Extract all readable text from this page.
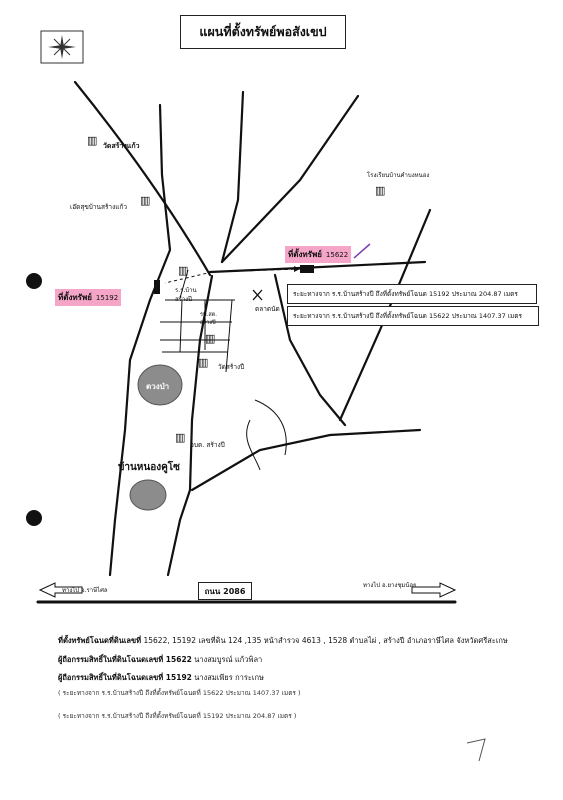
▥
▥
▥
▥
▥
▥
▥
แผนที่ตั้งทรัพย์พอสังเขป
วัดสร้างแก้ว
โรงเรียนบ้านคำบงหนอง
เอ๊ดสุขบ้านสร้างแก้ว
ร.ร.บ้าน สร้างปี
ตลาดนัด
รพ.สต. สร้างปี
วัดสร้างปี
ตวงป่า
อบต. สร้างปี
บ้านหนองคูโซ
ที่ตั้งทรัพย์ 15622
ที่ตั้งทรัพย์ 15192	ระยะทางจาก ร.ร.บ้านสร้างปี ถึงที่ตั้งทรัพย์โฉนด 15192 ประมาณ 204.87 เมตร
ระยะทางจาก ร.ร.บ้านสร้างปี ถึงที่ตั้งทรัพย์โฉนด 15622 ประมาณ 1407.37 เมตร
ถนน 2086
ทางไป อ.ราษีไศล
ทางไป อ.ยางชุมน้อย
ที่ตั้งทรัพย์โฉนดที่ดินเลขที่ 15622, 15192 เลขที่ดิน 124 ,135 หน้าสำรวจ 4613 , 1528 ตำบลไผ่ , สร้างปี อำเภอราษีไศล จังหวัดศรีสะเกษ
ผู้ถือกรรมสิทธิ์ในที่ดินโฉนดเลขที่ 15622 นางสมบูรณ์ แก้วพิลา
ผู้ถือกรรมสิทธิ์ในที่ดินโฉนดเลขที่ 15192 นางสมเพียร การะเกษ
( ระยะทางจาก ร.ร.บ้านสร้างปี ถึงที่ตั้งทรัพย์โฉนดที่ 15622 ประมาณ 1407.37 เมตร )
( ระยะทางจาก ร.ร.บ้านสร้างปี ถึงที่ตั้งทรัพย์โฉนดที่ 15192 ประมาณ 204.87 เมตร )
